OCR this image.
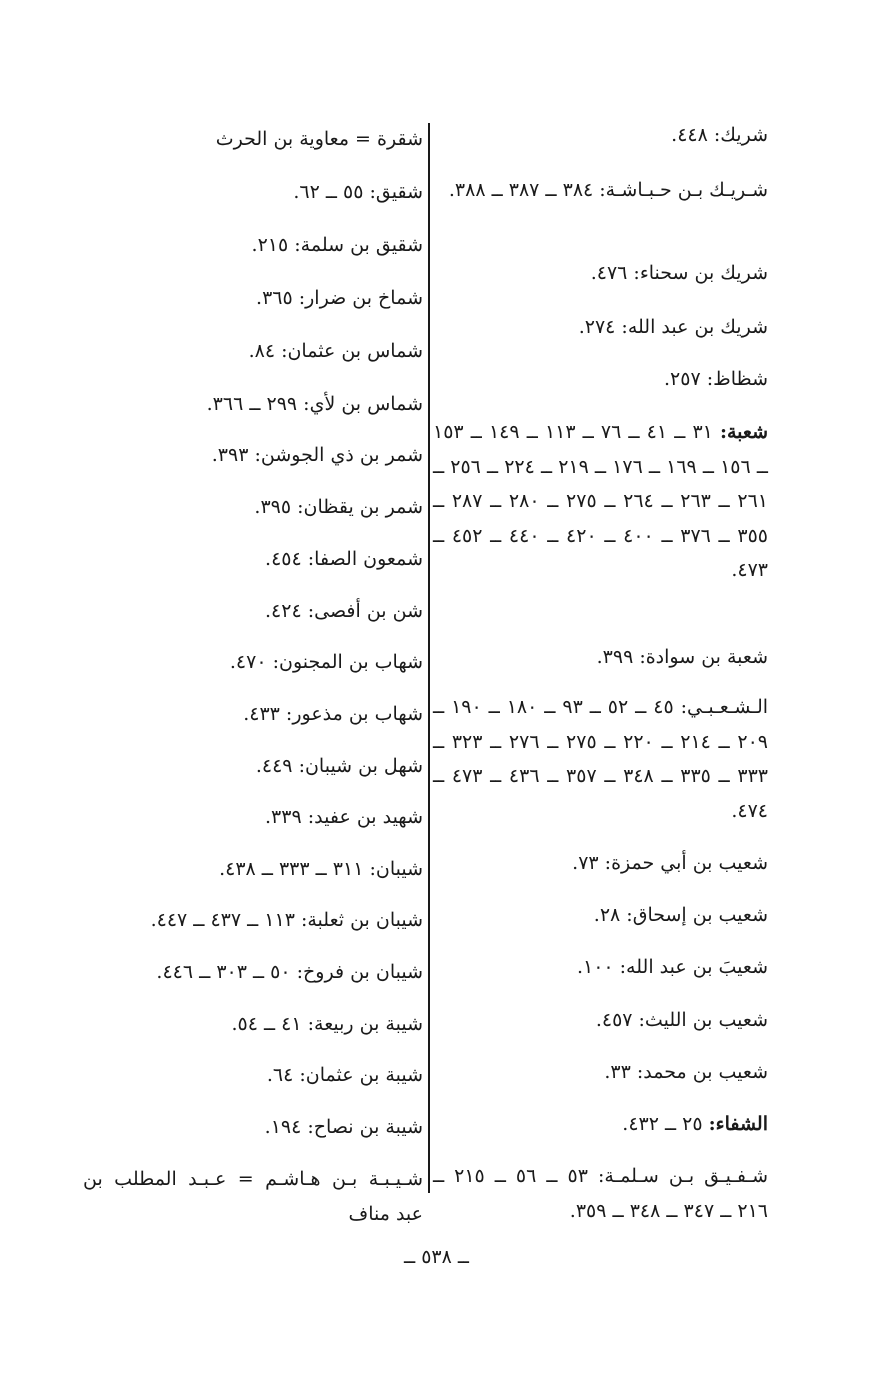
شريك: ٤٤٨.
شـريـك بـن حـبـاشـة: ٣٨٤ ــ ٣٨٧ ــ ٣٨٨.
شريك بن سحناء: ٤٧٦.
شريك بن عبد الله: ٢٧٤.
شظاظ: ٢٥٧.
شعبة: ٣١ ــ ٤١ ــ ٧٦ ــ ١١٣ ــ ١٤٩ ــ ١٥٣ ــ ١٥٦ ــ ١٦٩ ــ ١٧٦ ــ ٢١٩ ــ ٢٢٤ ــ ٢٥٦ ــ ٢٦١ ــ ٢٦٣ ــ ٢٦٤ ــ ٢٧٥ ــ ٢٨٠ ــ ٢٨٧ ــ ٣٥٥ ــ ٣٧٦ ــ ٤٠٠ ــ ٤٢٠ ــ ٤٤٠ ــ ٤٥٢ ــ ٤٧٣.
شعبة بن سوادة: ٣٩٩.
الـشـعـبـي: ٤٥ ــ ٥٢ ــ ٩٣ ــ ١٨٠ ــ ١٩٠ ــ ٢٠٩ ــ ٢١٤ ــ ٢٢٠ ــ ٢٧٥ ــ ٢٧٦ ــ ٣٢٣ ــ ٣٣٣ ــ ٣٣٥ ــ ٣٤٨ ــ ٣٥٧ ــ ٤٣٦ ــ ٤٧٣ ــ ٤٧٤.
شعيب بن أبي حمزة: ٧٣.
شعيب بن إسحاق: ٢٨.
شعيبَ بن عبد الله: ١٠٠.
شعيب بن الليث: ٤٥٧.
شعيب بن محمد: ٣٣.
الشفاء: ٢٥ ــ ٤٣٢.
شـفـيـق بـن سـلمـة: ٥٣ ــ ٥٦ ــ ٢١٥ ــ ٢١٦ ــ ٣٤٧ ــ ٣٤٨ ــ ٣٥٩.
شقرة = معاوية بن الحرث
شقيق: ٥٥ ــ ٦٢.
شقيق بن سلمة: ٢١٥.
شماخ بن ضرار: ٣٦٥.
شماس بن عثمان: ٨٤.
شماس بن لأي: ٢٩٩ ــ ٣٦٦.
شمر بن ذي الجوشن: ٣٩٣.
شمر بن يقظان: ٣٩٥.
شمعون الصفا: ٤٥٤.
شن بن أفصى: ٤٢٤.
شهاب بن المجنون: ٤٧٠.
شهاب بن مذعور: ٤٣٣.
شهل بن شيبان: ٤٤٩.
شهيد بن عفيد: ٣٣٩.
شيبان: ٣١١ ــ ٣٣٣ ــ ٤٣٨.
شيبان بن ثعلبة: ١١٣ ــ ٤٣٧ ــ ٤٤٧.
شيبان بن فروخ: ٥٠ ــ ٣٠٣ ــ ٤٤٦.
شيبة بن ربيعة: ٤١ ــ ٥٤.
شيبة بن عثمان: ٦٤.
شيبة بن نصاح: ١٩٤.
شـيـبـة بـن هـاشـم = عـبـد المطلب بن عبد مناف
ــ ٥٣٨ ــ
